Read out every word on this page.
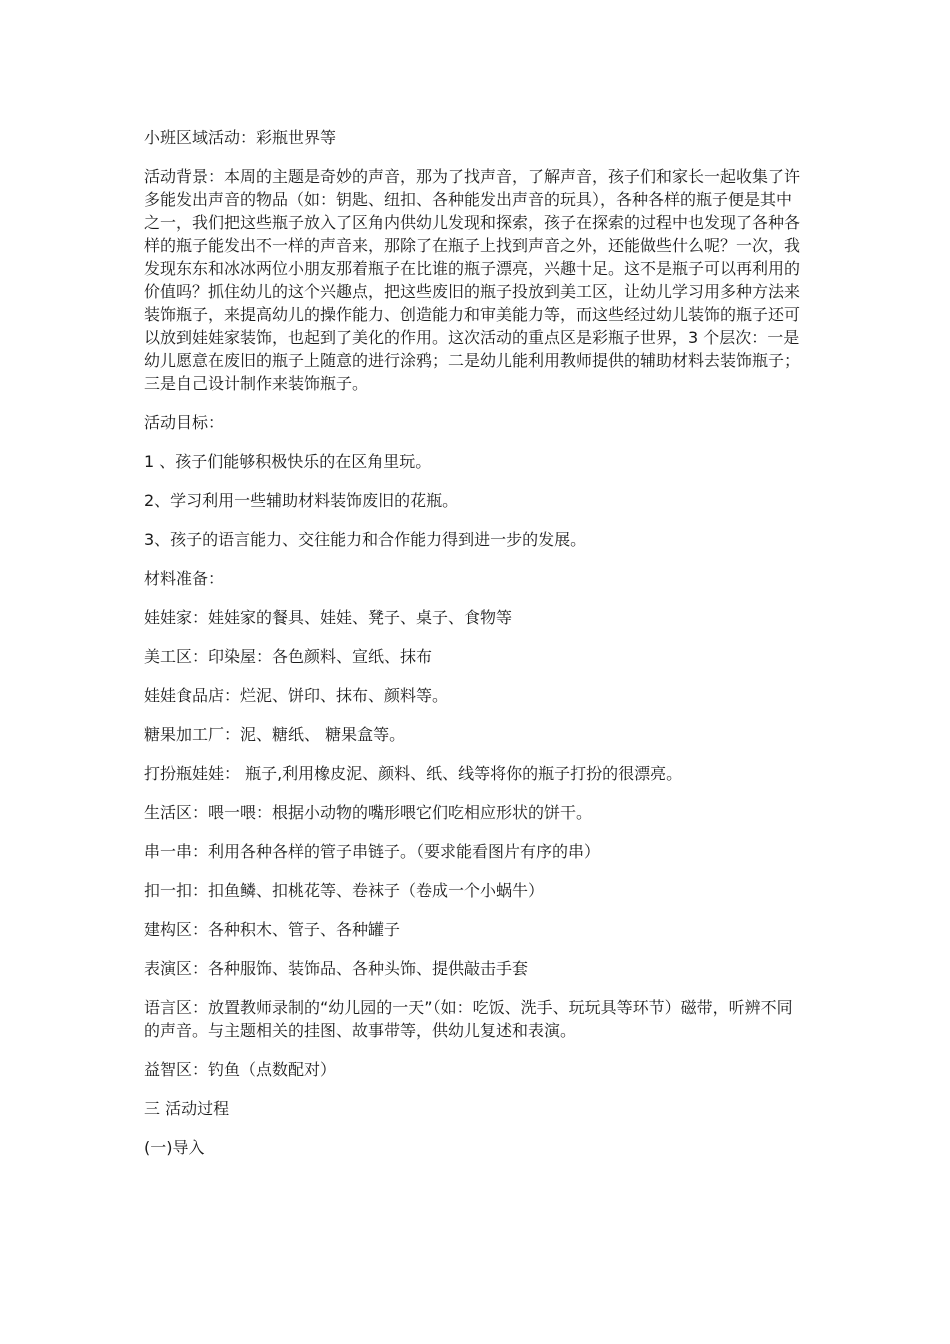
小班区域活动：彩瓶世界等

活动背景：本周的主题是奇妙的声音，那为了找声音，了解声音，孩子们和家长一起收集了许多能发出声音的物品（如：钥匙、纽扣、各种能发出声音的玩具），各种各样的瓶子便是其中之一，我们把这些瓶子放入了区角内供幼儿发现和探索，孩子在探索的过程中也发现了各种各样的瓶子能发出不一样的声音来，那除了在瓶子上找到声音之外，还能做些什么呢？一次，我发现东东和冰冰两位小朋友那着瓶子在比谁的瓶子漂亮，兴趣十足。这不是瓶子可以再利用的价值吗？抓住幼儿的这个兴趣点，把这些废旧的瓶子投放到美工区，让幼儿学习用多种方法来装饰瓶子，来提高幼儿的操作能力、创造能力和审美能力等，而这些经过幼儿装饰的瓶子还可以放到娃娃家装饰，也起到了美化的作用。这次活动的重点区是彩瓶子世界，3 个层次：一是幼儿愿意在废旧的瓶子上随意的进行涂鸦；二是幼儿能利用教师提供的辅助材料去装饰瓶子；三是自己设计制作来装饰瓶子。

活动目标：

1 、孩子们能够积极快乐的在区角里玩。

2、学习利用一些辅助材料装饰废旧的花瓶。

3、孩子的语言能力、交往能力和合作能力得到进一步的发展。

材料准备：

娃娃家：娃娃家的餐具、娃娃、凳子、桌子、食物等

美工区：印染屋：各色颜料、宣纸、抹布

娃娃食品店：烂泥、饼印、抹布、颜料等。

糖果加工厂：泥、糖纸、 糖果盒等。

打扮瓶娃娃： 瓶子,利用橡皮泥、颜料、纸、线等将你的瓶子打扮的很漂亮。

生活区：喂一喂：根据小动物的嘴形喂它们吃相应形状的饼干。

串一串：利用各种各样的管子串链子。（要求能看图片有序的串）

扣一扣：扣鱼鳞、扣桃花等、卷袜子（卷成一个小蜗牛）

建构区：各种积木、管子、各种罐子

表演区：各种服饰、装饰品、各种头饰、提供敲击手套

语言区：放置教师录制的“幼儿园的一天”（如：吃饭、洗手、玩玩具等环节）磁带，听辨不同的声音。与主题相关的挂图、故事带等，供幼儿复述和表演。

益智区：钓鱼（点数配对）

三 活动过程

(一)导入
